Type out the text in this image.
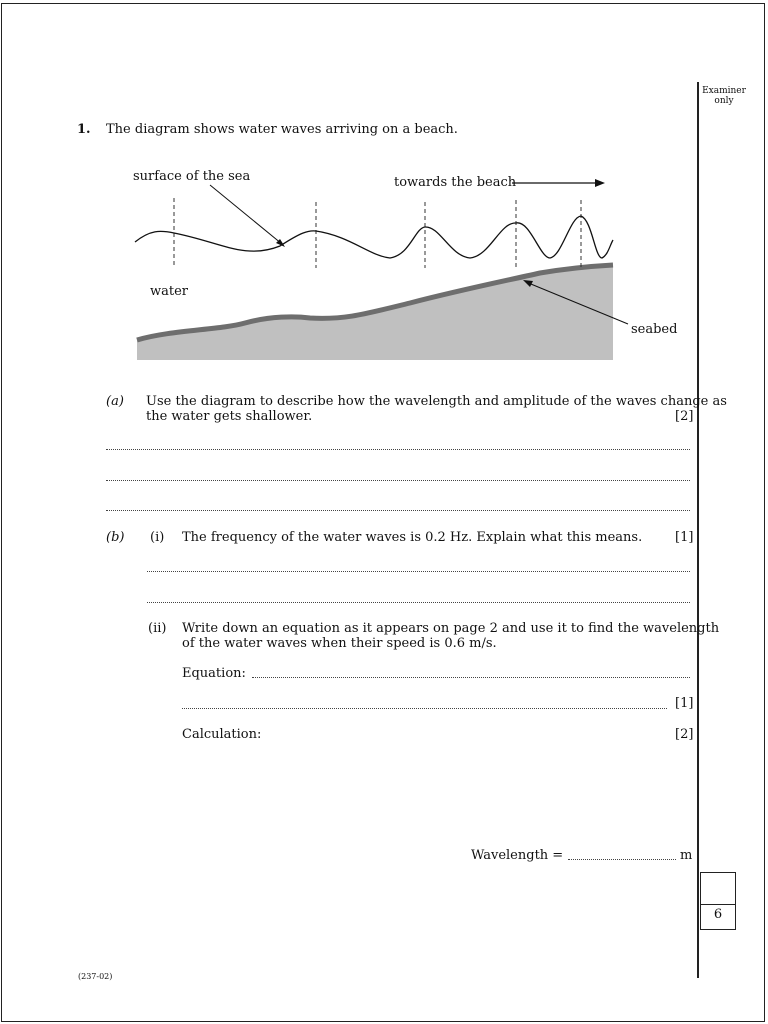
Examiner only
1. The diagram shows water waves arriving on a beach.
surface of the sea	towards the beach
water
seabed
(a) Use the diagram to describe how the wavelength and amplitude of the waves change as
the water gets shallower.	[2]
(b) (i) The frequency of the water waves is 0.2 Hz. Explain what this means.	[1]
(ii) Write down an equation as it appears on page 2 and use it to find the wavelength
of the water waves when their speed is 0.6 m/s.
Equation:
[1]
Calculation:	[2]
Wavelength =	m
6
(237-02)
